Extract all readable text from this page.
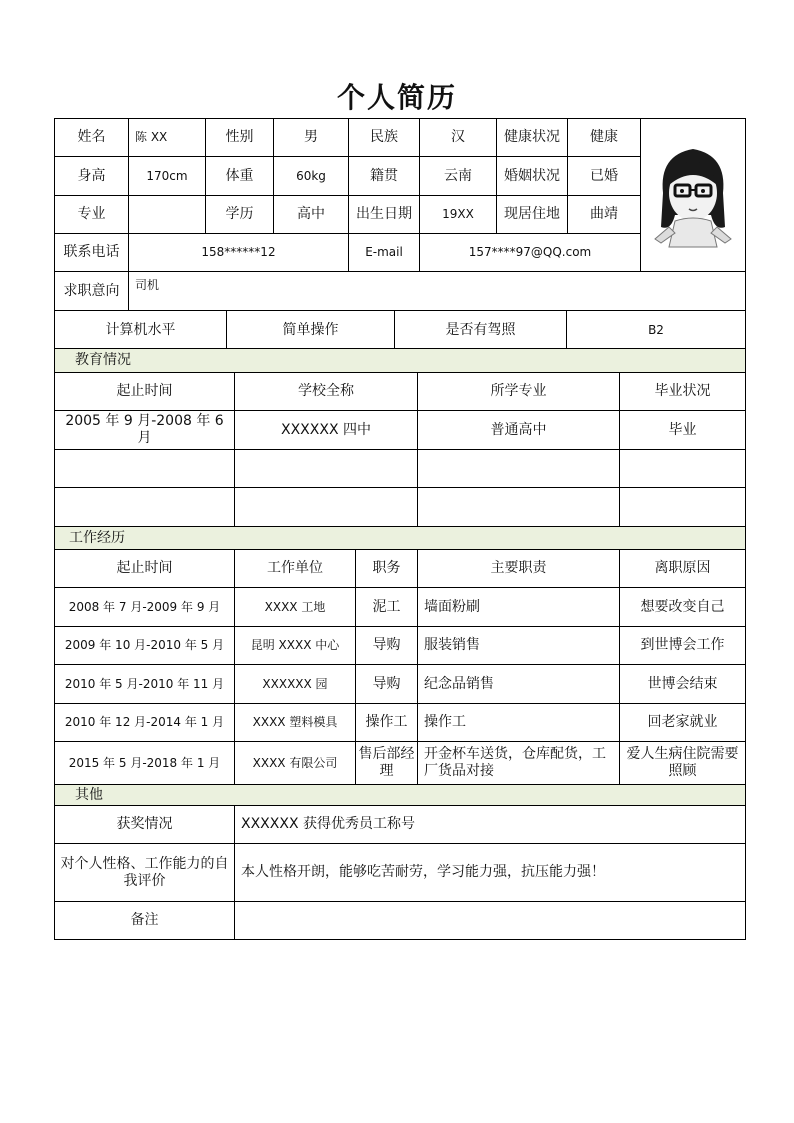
个人简历
姓名	陈 XX	性别	男	民族	汉	健康状况	健康	

身高	170cm	体重	60kg	籍贯	云南	婚姻状况	已婚	
专业		学历	高中	出生日期	19XX	现居住地	曲靖	
联系电话	158******12			E-mail	157****97@QQ.com			
求职意向	司机							
计算机水平	简单操作	是否有驾照	B2
教育情况			
起止时间	学校全称	所学专业	毕业状况
2005 年 9 月-2008 年 6 月	XXXXXX 四中	普通高中	毕业

工作经历				
起止时间	工作单位	职务	主要职责	离职原因
2008 年 7 月-2009 年 9 月	XXXX 工地	泥工	墙面粉刷	想要改变自己
2009 年 10 月-2010 年 5 月	昆明 XXXX 中心	导购	服装销售	到世博会工作
2010 年 5 月-2010 年 11 月	XXXXXX 园	导购	纪念品销售	世博会结束
2010 年 12 月-2014 年 1 月	XXXX 塑料模具	操作工	操作工	回老家就业
2015 年 5 月-2018 年 1 月	XXXX 有限公司	售后部经理	开金杯车送货，仓库配货，工厂货品对接	爱人生病住院需要照顾
其他	
获奖情况	XXXXXX 获得优秀员工称号
对个人性格、工作能力的自我评价	本人性格开朗，能够吃苦耐劳，学习能力强，抗压能力强！
备注	
